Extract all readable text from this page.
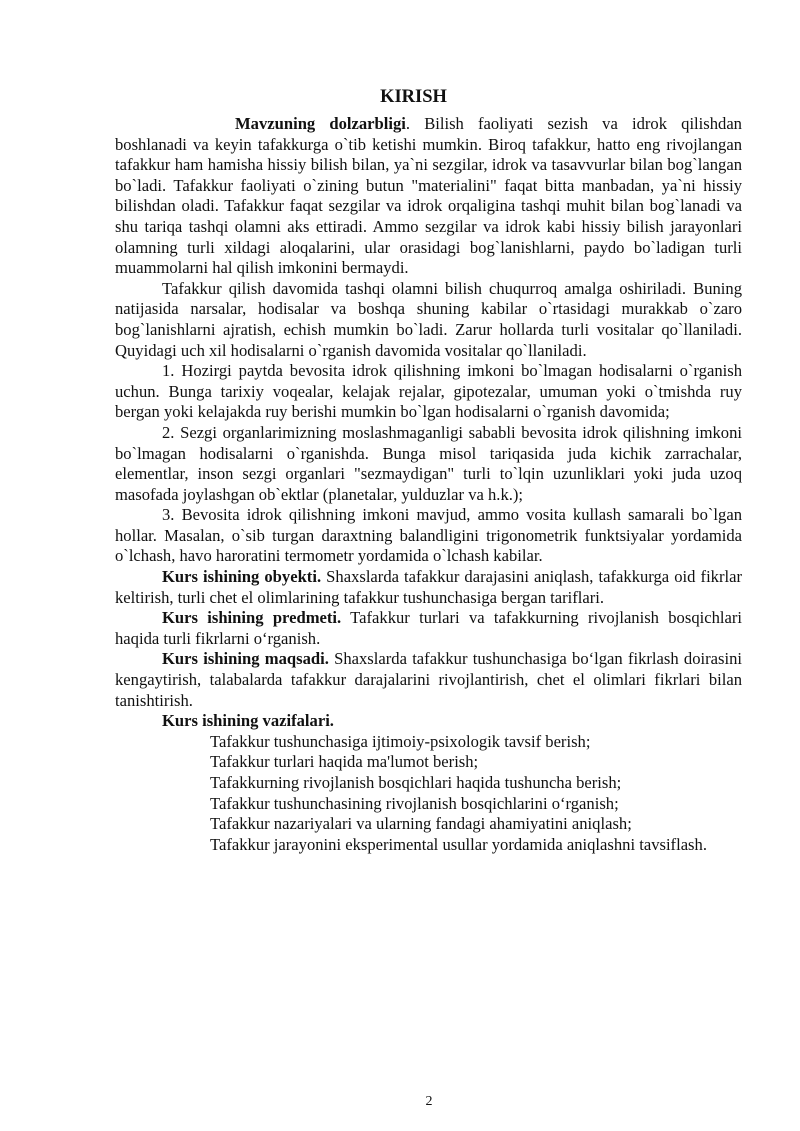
KIRISH

Mavzuning dolzarbligi. Bilish faoliyati sezish va idrok qilishdan boshlanadi va keyin tafakkurga o`tib ketishi mumkin. Biroq tafakkur, hatto eng rivojlangan tafakkur ham hamisha hissiy bilish bilan, ya`ni sezgilar, idrok va tasavvurlar bilan bog`langan bo`ladi. Tafakkur faoliyati o`zining butun "materialini" faqat bitta manbadan, ya`ni hissiy bilishdan oladi. Tafakkur faqat sezgilar va idrok orqaligina tashqi muhit bilan bog`lanadi va shu tariqa tashqi olamni aks ettiradi. Ammo sezgilar va idrok kabi hissiy bilish jarayonlari olamning turli xildagi aloqalarini, ular orasidagi bog`lanishlarni, paydo bo`ladigan turli muammolarni hal qilish imkonini bermaydi.

Tafakkur qilish davomida tashqi olamni bilish chuqurroq amalga oshiriladi. Buning natijasida narsalar, hodisalar va boshqa shuning kabilar o`rtasidagi murakkab o`zaro bog`lanishlarni ajratish, echish mumkin bo`ladi. Zarur hollarda turli vositalar qo`llaniladi. Quyidagi uch xil hodisalarni o`rganish davomida vositalar qo`llaniladi.

1. Hozirgi paytda bevosita idrok qilishning imkoni bo`lmagan hodisalarni o`rganish uchun. Bunga tarixiy voqealar, kelajak rejalar, gipotezalar, umuman yoki o`tmishda ruy bergan yoki kelajakda ruy berishi mumkin bo`lgan hodisalarni o`rganish davomida;

2. Sezgi organlarimizning moslashmaganligi sababli bevosita idrok qilishning imkoni bo`lmagan hodisalarni o`rganishda. Bunga misol tariqasida juda kichik zarrachalar, elementlar, inson sezgi organlari "sezmaydigan" turli to`lqin uzunliklari yoki juda uzoq masofada joylashgan ob`ektlar (planetalar, yulduzlar va h.k.);

3. Bevosita idrok qilishning imkoni mavjud, ammo vosita kullash samarali bo`lgan hollar. Masalan, o`sib turgan daraxtning balandligini trigonometrik funktsiyalar yordamida o`lchash, havo haroratini termometr yordamida o`lchash kabilar.

Kurs ishining obyekti. Shaxslarda tafakkur darajasini aniqlash, tafakkurga oid fikrlar keltirish, turli chet el olimlarining tafakkur tushunchasiga bergan tariflari.

Kurs ishining predmeti. Tafakkur turlari va tafakkurning rivojlanish bosqichlari haqida turli fikrlarni o‘rganish.

Kurs ishining maqsadi. Shaxslarda tafakkur tushunchasiga bo‘lgan fikrlash doirasini kengaytirish, talabalarda tafakkur darajalarini rivojlantirish, chet el olimlari fikrlari bilan tanishtirish.

Kurs ishining vazifalari.

Tafakkur tushunchasiga ijtimoiy-psixologik tavsif berish;
Tafakkur turlari haqida ma'lumot berish;
Tafakkurning rivojlanish bosqichlari haqida tushuncha berish;
Tafakkur tushunchasining rivojlanish bosqichlarini o‘rganish;
Tafakkur nazariyalari va ularning fandagi ahamiyatini aniqlash;
Tafakkur jarayonini eksperimental usullar yordamida aniqlashni tavsiflash.
2
